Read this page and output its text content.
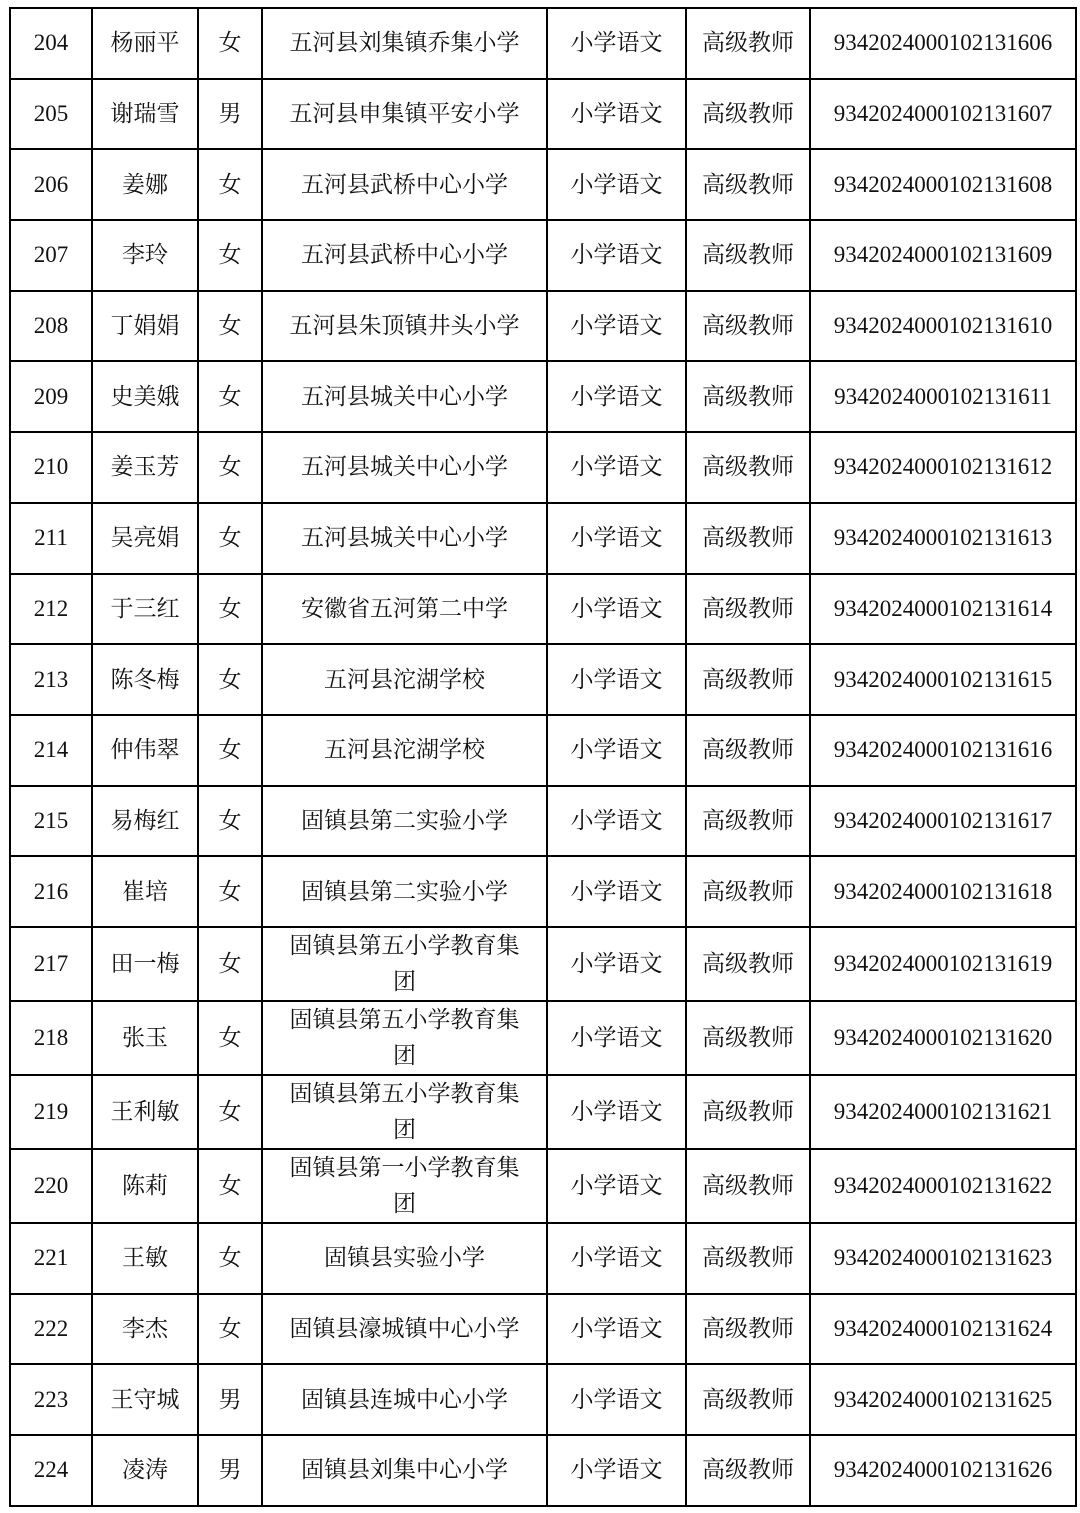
204	杨丽平	女	五河县刘集镇乔集小学	小学语文	高级教师	9342024000102131606
205	谢瑞雪	男	五河县申集镇平安小学	小学语文	高级教师	9342024000102131607
206	姜娜	女	五河县武桥中心小学	小学语文	高级教师	9342024000102131608
207	李玲	女	五河县武桥中心小学	小学语文	高级教师	9342024000102131609
208	丁娟娟	女	五河县朱顶镇井头小学	小学语文	高级教师	9342024000102131610
209	史美娥	女	五河县城关中心小学	小学语文	高级教师	9342024000102131611
210	姜玉芳	女	五河县城关中心小学	小学语文	高级教师	9342024000102131612
211	吴亮娟	女	五河县城关中心小学	小学语文	高级教师	9342024000102131613
212	于三红	女	安徽省五河第二中学	小学语文	高级教师	9342024000102131614
213	陈冬梅	女	五河县沱湖学校	小学语文	高级教师	9342024000102131615
214	仲伟翠	女	五河县沱湖学校	小学语文	高级教师	9342024000102131616
215	易梅红	女	固镇县第二实验小学	小学语文	高级教师	9342024000102131617
216	崔培	女	固镇县第二实验小学	小学语文	高级教师	9342024000102131618
217	田一梅	女	固镇县第五小学教育集团	小学语文	高级教师	9342024000102131619
218	张玉	女	固镇县第五小学教育集团	小学语文	高级教师	9342024000102131620
219	王利敏	女	固镇县第五小学教育集团	小学语文	高级教师	9342024000102131621
220	陈莉	女	固镇县第一小学教育集团	小学语文	高级教师	9342024000102131622
221	王敏	女	固镇县实验小学	小学语文	高级教师	9342024000102131623
222	李杰	女	固镇县濠城镇中心小学	小学语文	高级教师	9342024000102131624
223	王守城	男	固镇县连城中心小学	小学语文	高级教师	9342024000102131625
224	凌涛	男	固镇县刘集中心小学	小学语文	高级教师	9342024000102131626
